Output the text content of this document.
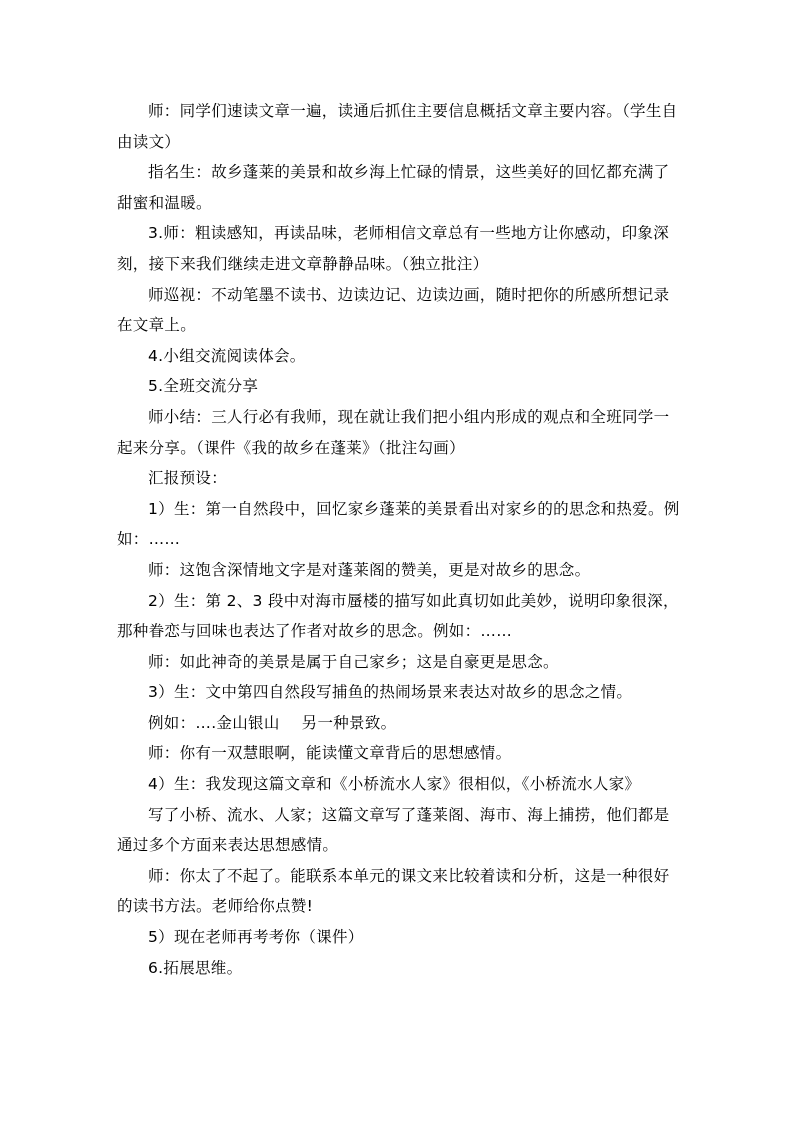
师：同学们速读文章一遍，读通后抓住主要信息概括文章主要内容。（学生自由读文）

指名生：故乡蓬莱的美景和故乡海上忙碌的情景，这些美好的回忆都充满了甜蜜和温暖。

3.师：粗读感知，再读品味，老师相信文章总有一些地方让你感动，印象深刻，接下来我们继续走进文章静静品味。（独立批注）

师巡视：不动笔墨不读书、边读边记、边读边画，随时把你的所感所想记录在文章上。

4.小组交流阅读体会。

5.全班交流分享

师小结：三人行必有我师，现在就让我们把小组内形成的观点和全班同学一起来分享。（课件《我的故乡在蓬莱》（批注勾画）

汇报预设：

1）生：第一自然段中，回忆家乡蓬莱的美景看出对家乡的的思念和热爱。例如：……

师：这饱含深情地文字是对蓬莱阁的赞美，更是对故乡的思念。

2）生：第 2、3 段中对海市蜃楼的描写如此真切如此美妙，说明印象很深，那种眷恋与回味也表达了作者对故乡的思念。例如：……

师：如此神奇的美景是属于自己家乡；这是自豪更是思念。

3）生：文中第四自然段写捕鱼的热闹场景来表达对故乡的思念之情。

例如：….金山银山 另一种景致。

师：你有一双慧眼啊，能读懂文章背后的思想感情。

4）生：我发现这篇文章和《小桥流水人家》很相似，《小桥流水人家》

写了小桥、流水、人家；这篇文章写了蓬莱阁、海市、海上捕捞，他们都是通过多个方面来表达思想感情。

师：你太了不起了。能联系本单元的课文来比较着读和分析，这是一种很好的读书方法。老师给你点赞!

5）现在老师再考考你（课件）

6.拓展思维。
